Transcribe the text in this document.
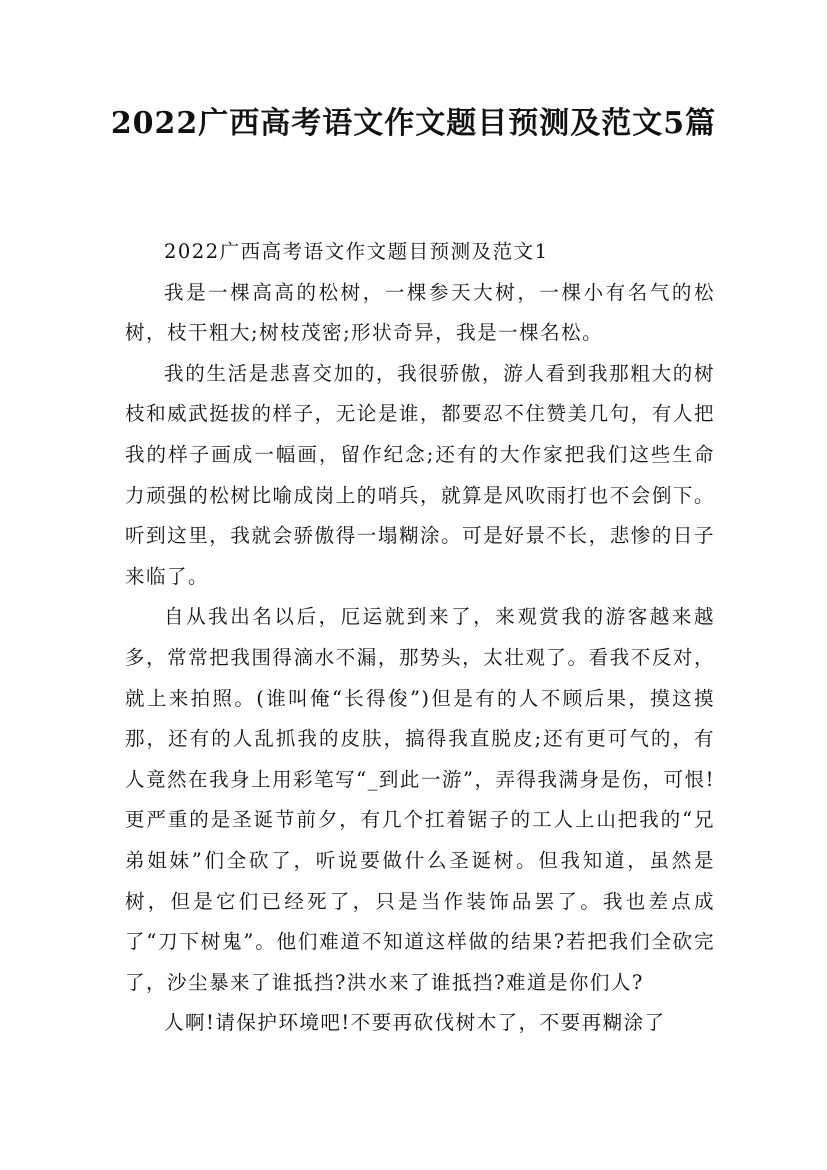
2022广西高考语文作文题目预测及范文5篇

2022广西高考语文作文题目预测及范文1

我是一棵高高的松树，一棵参天大树，一棵小有名气的松树，枝干粗大;树枝茂密;形状奇异，我是一棵名松。

我的生活是悲喜交加的，我很骄傲，游人看到我那粗大的树枝和威武挺拔的样子，无论是谁，都要忍不住赞美几句，有人把我的样子画成一幅画，留作纪念;还有的大作家把我们这些生命力顽强的松树比喻成岗上的哨兵，就算是风吹雨打也不会倒下。听到这里，我就会骄傲得一塌糊涂。可是好景不长，悲惨的日子来临了。

自从我出名以后，厄运就到来了，来观赏我的游客越来越多，常常把我围得滴水不漏，那势头，太壮观了。看我不反对，就上来拍照。(谁叫俺“长得俊”)但是有的人不顾后果，摸这摸那，还有的人乱抓我的皮肤，搞得我直脱皮;还有更可气的，有人竟然在我身上用彩笔写“_到此一游”，弄得我满身是伤，可恨!更严重的是圣诞节前夕，有几个扛着锯子的工人上山把我的“兄弟姐妹”们全砍了，听说要做什么圣诞树。但我知道，虽然是树，但是它们已经死了，只是当作装饰品罢了。我也差点成了“刀下树鬼”。他们难道不知道这样做的结果?若把我们全砍完了，沙尘暴来了谁抵挡?洪水来了谁抵挡?难道是你们人?

人啊!请保护环境吧!不要再砍伐树木了，不要再糊涂了
